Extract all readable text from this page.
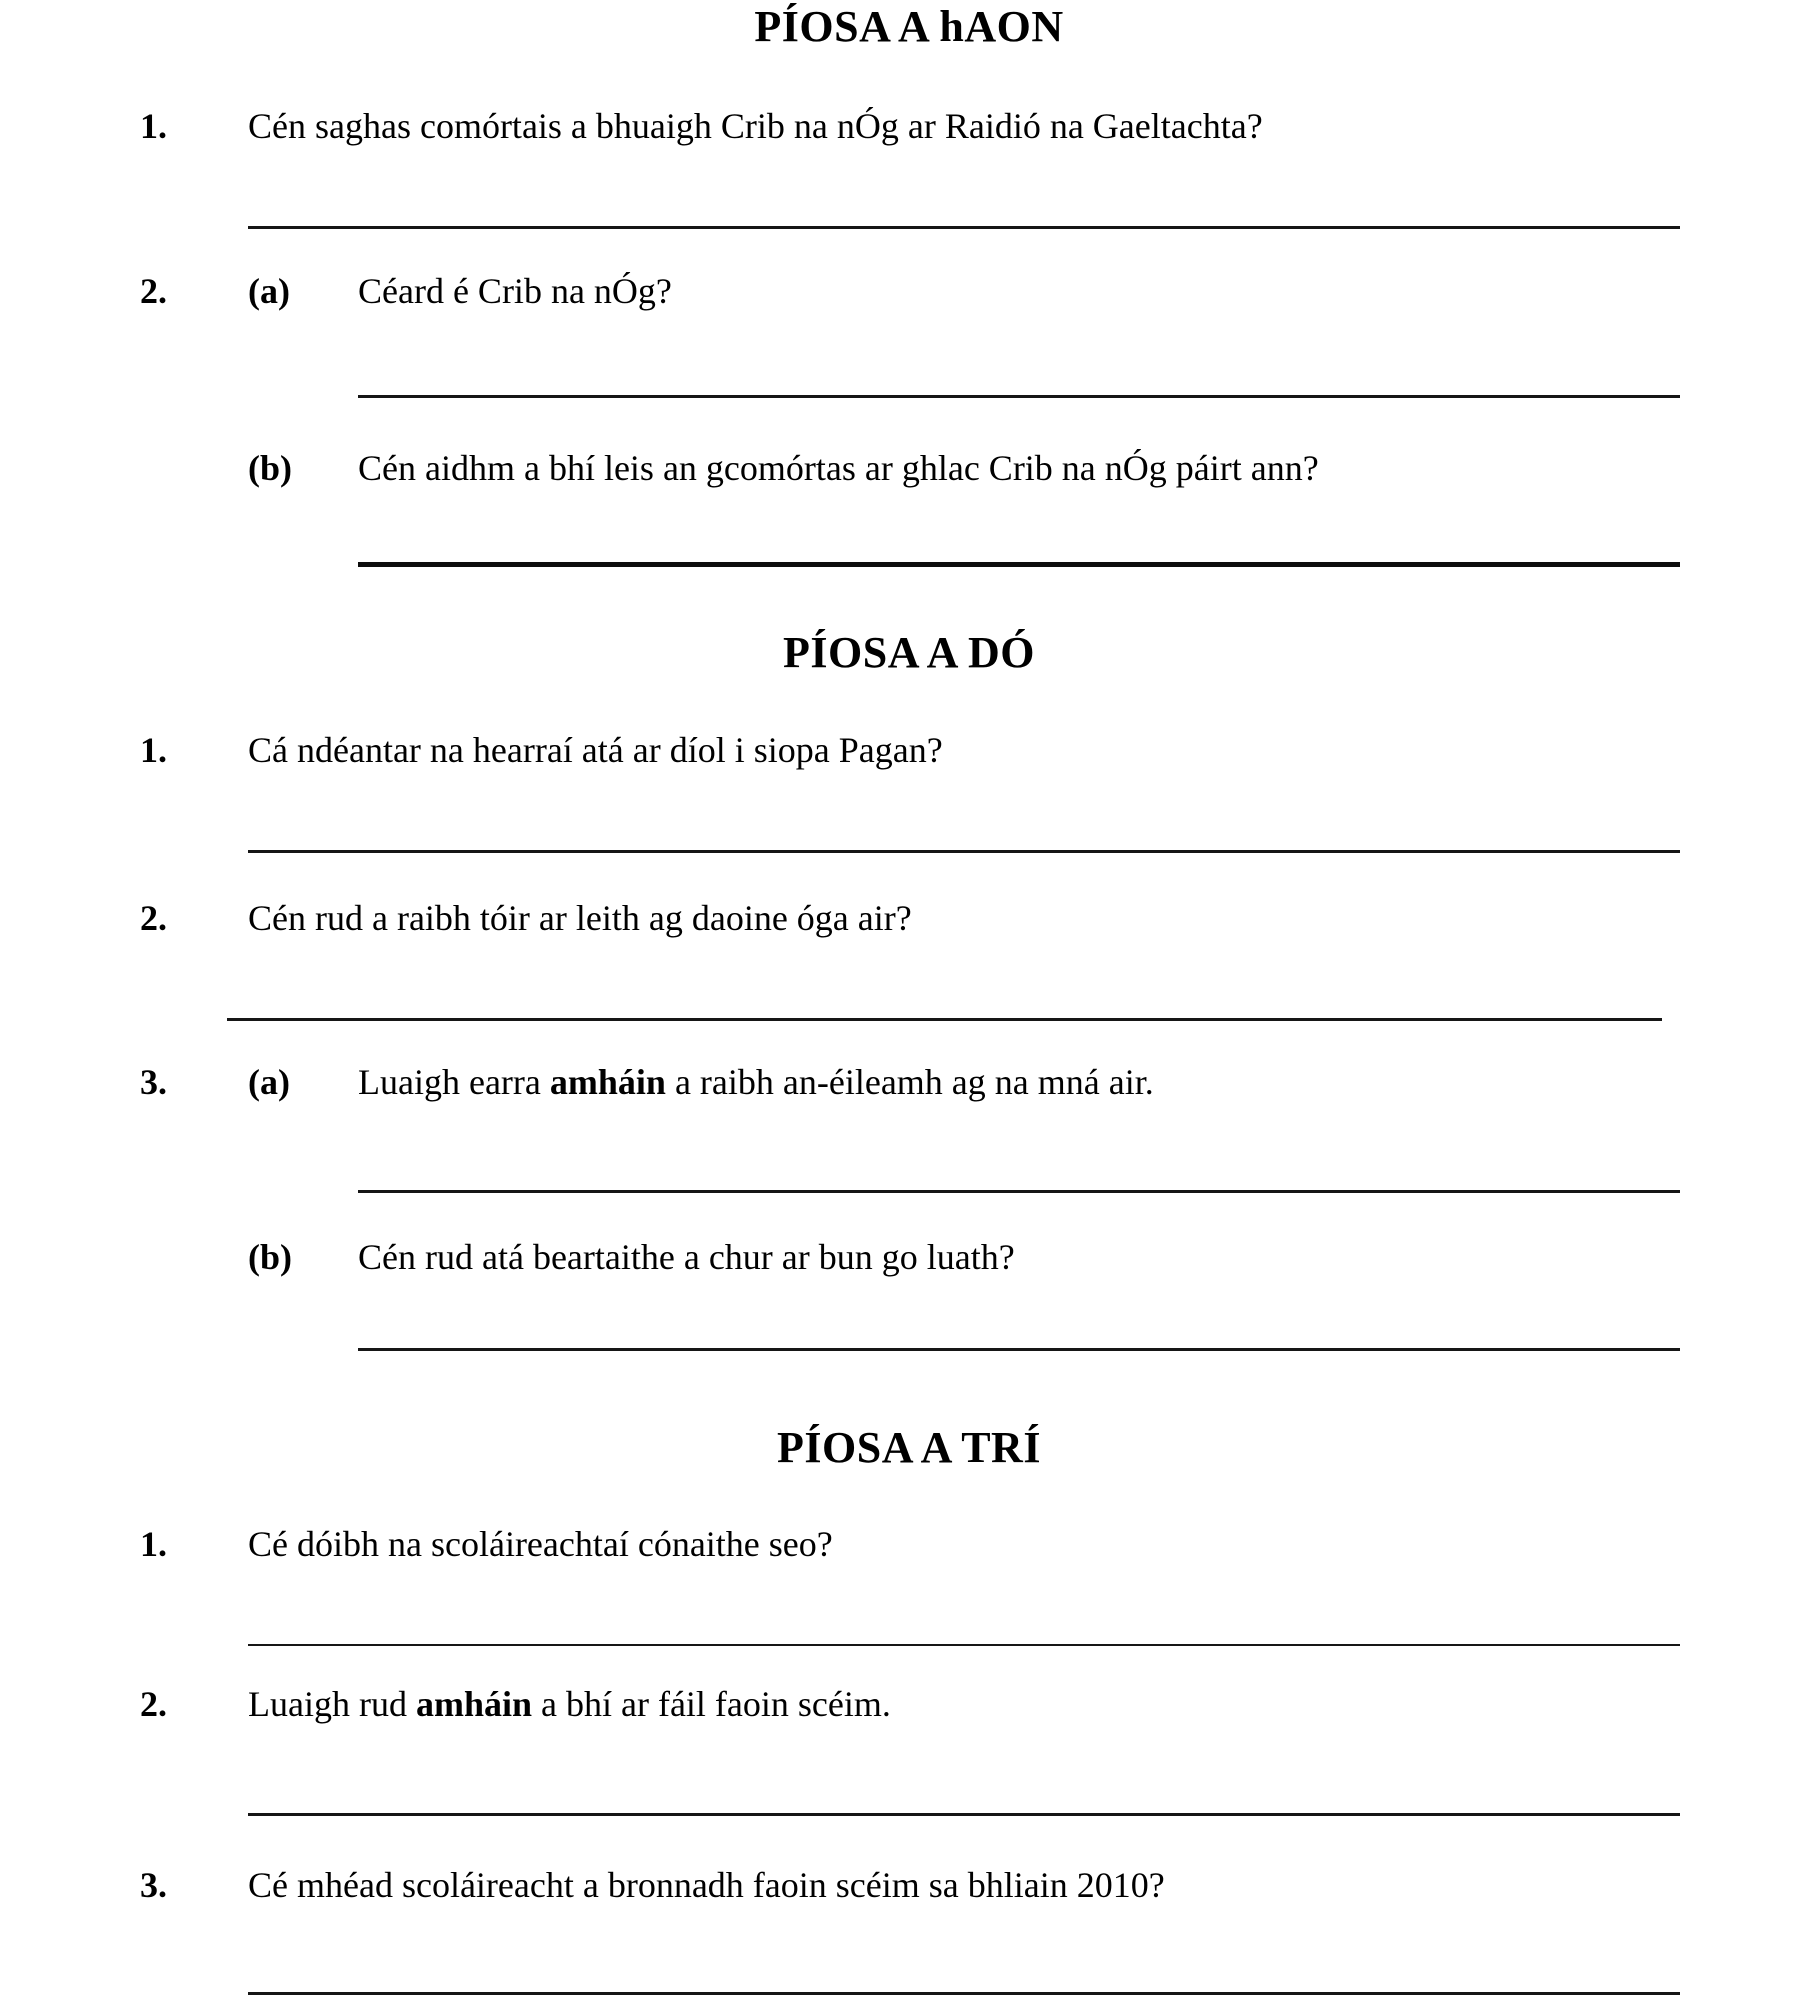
PÍOSA A hAON
1.	Cén saghas comórtais a bhuaigh Crib na nÓg ar Raidió na Gaeltachta?
(a)	Céard é Crib na nÓg?
2.
(b)	Cén aidhm a bhí leis an gcomórtas ar ghlac Crib na nÓg páirt ann?
PÍOSA A DÓ
1.	Cá ndéantar na hearraí atá ar díol i siopa Pagan?
2.	Cén rud a raibh tóir ar leith ag daoine óga air?
(a)	Luaigh earra amháin a raibh an-éileamh ag na mná air.
3.
(b)	Cén rud atá beartaithe a chur ar bun go luath?
PÍOSA A TRÍ
1.	Cé dóibh na scoláireachtaí cónaithe seo?
2.	Luaigh rud amháin a bhí ar fáil faoin scéim.
3.	Cé mhéad scoláireacht a bronnadh faoin scéim sa bhliain 2010?
